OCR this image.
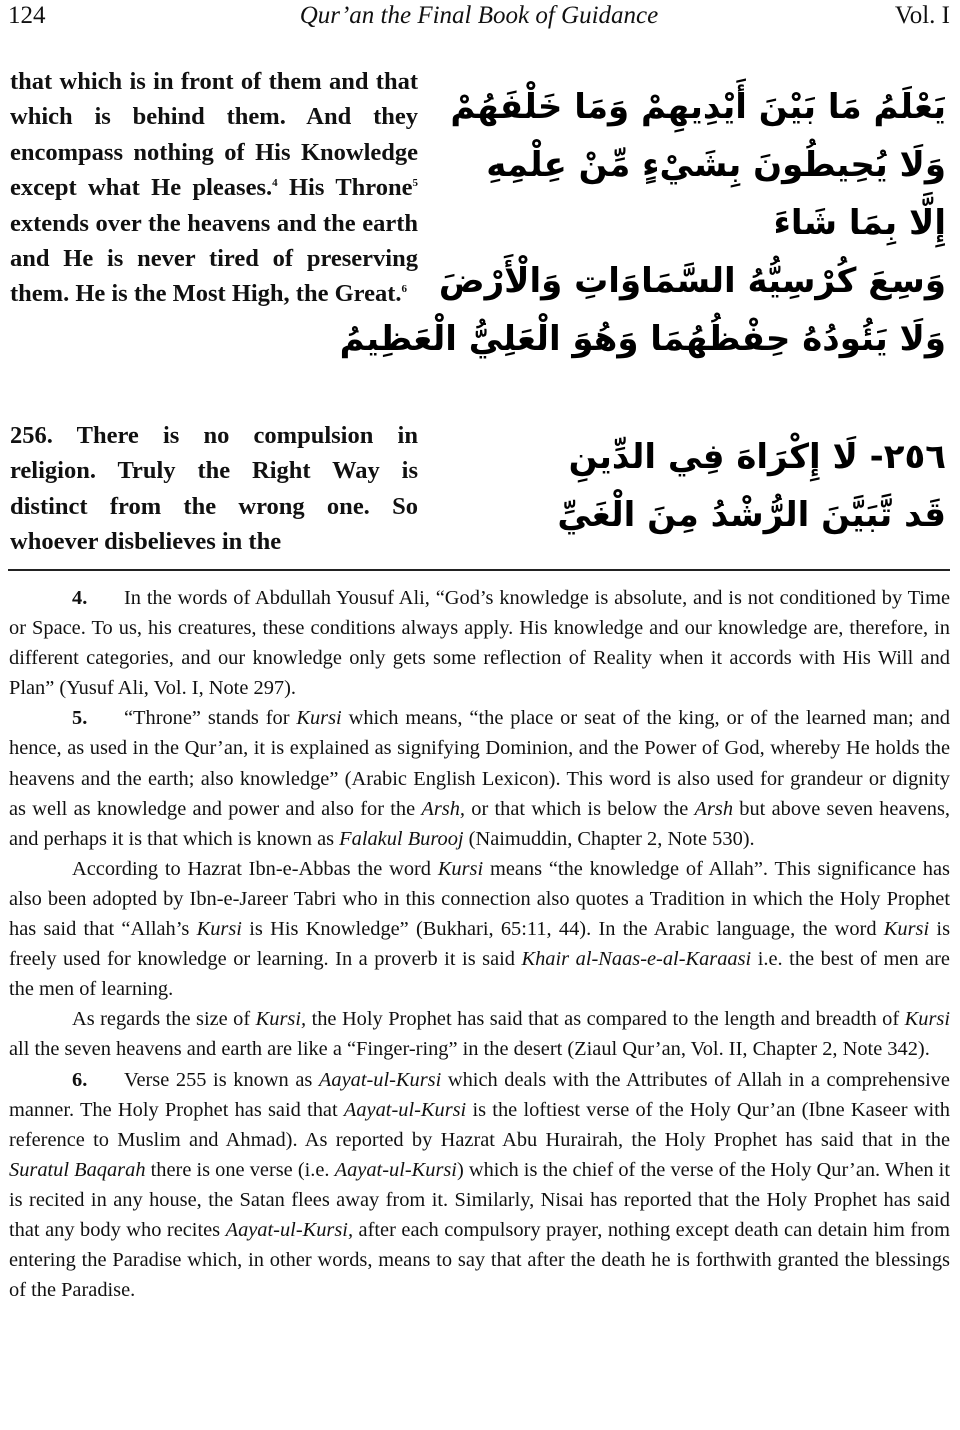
124	Qur’an the Final Book of Guidance	Vol. I

that which is in front of them and that which is behind them. And they encompass nothing of His Knowledge except what He pleases.$^4$ His Throne$^5$ extends over the heavens and the earth and He is never tired of preserving them. He is the Most High, the Great.$^6$

يَعْلَمُ مَا بَيْنَ أَيْدِيهِمْ وَمَا خَلْفَهُمْ
وَلَا يُحِيطُونَ بِشَيْءٍ مِّنْ عِلْمِهِ
إِلَّا بِمَا شَاءَ
وَسِعَ كُرْسِيُّهُ السَّمَاوَاتِ وَالْأَرْضَ
وَلَا يَئُودُهُ حِفْظُهُمَا وَهُوَ الْعَلِيُّ الْعَظِيمُ

256. There is no compulsion in religion. Truly the Right Way is distinct from the wrong one. So whoever disbelieves in the

٢٥٦- لَا إِكْرَاهَ فِي الدِّينِ
قَد تَّبَيَّنَ الرُّشْدُ مِنَ الْغَيِّ

4. In the words of Abdullah Yousuf Ali, “God’s knowledge is absolute, and is not conditioned by Time or Space. To us, his creatures, these conditions always apply. His knowledge and our knowledge are, therefore, in different categories, and our knowledge only gets some reflection of Reality when it accords with His Will and Plan” (Yusuf Ali, Vol. I, Note 297).

5. “Throne” stands for Kursi which means, “the place or seat of the king, or of the learned man; and hence, as used in the Qur’an, it is explained as signifying Dominion, and the Power of God, whereby He holds the heavens and the earth; also knowledge” (Arabic English Lexicon). This word is also used for grandeur or dignity as well as knowledge and power and also for the Arsh, or that which is below the Arsh but above seven heavens, and perhaps it is that which is known as Falakul Burooj (Naimuddin, Chapter 2, Note 530).

According to Hazrat Ibn-e-Abbas the word Kursi means “the knowledge of Allah”. This significance has also been adopted by Ibn-e-Jareer Tabri who in this connection also quotes a Tradition in which the Holy Prophet has said that “Allah’s Kursi is His Knowledge” (Bukhari, 65:11, 44). In the Arabic language, the word Kursi is freely used for knowledge or learning. In a proverb it is said Khair al-Naas-e-al-Karaasi i.e. the best of men are the men of learning.

As regards the size of Kursi, the Holy Prophet has said that as compared to the length and breadth of Kursi all the seven heavens and earth are like a “Finger-ring” in the desert (Ziaul Qur’an, Vol. II, Chapter 2, Note 342).

6. Verse 255 is known as Aayat-ul-Kursi which deals with the Attributes of Allah in a comprehensive manner. The Holy Prophet has said that Aayat-ul-Kursi is the loftiest verse of the Holy Qur’an (Ibne Kaseer with reference to Muslim and Ahmad). As reported by Hazrat Abu Hurairah, the Holy Prophet has said that in the Suratul Baqarah there is one verse (i.e. Aayat-ul-Kursi) which is the chief of the verse of the Holy Qur’an. When it is recited in any house, the Satan flees away from it. Similarly, Nisai has reported that the Holy Prophet has said that any body who recites Aayat-ul-Kursi, after each compulsory prayer, nothing except death can detain him from entering the Paradise which, in other words, means to say that after the death he is forthwith granted the blessings of the Paradise.
